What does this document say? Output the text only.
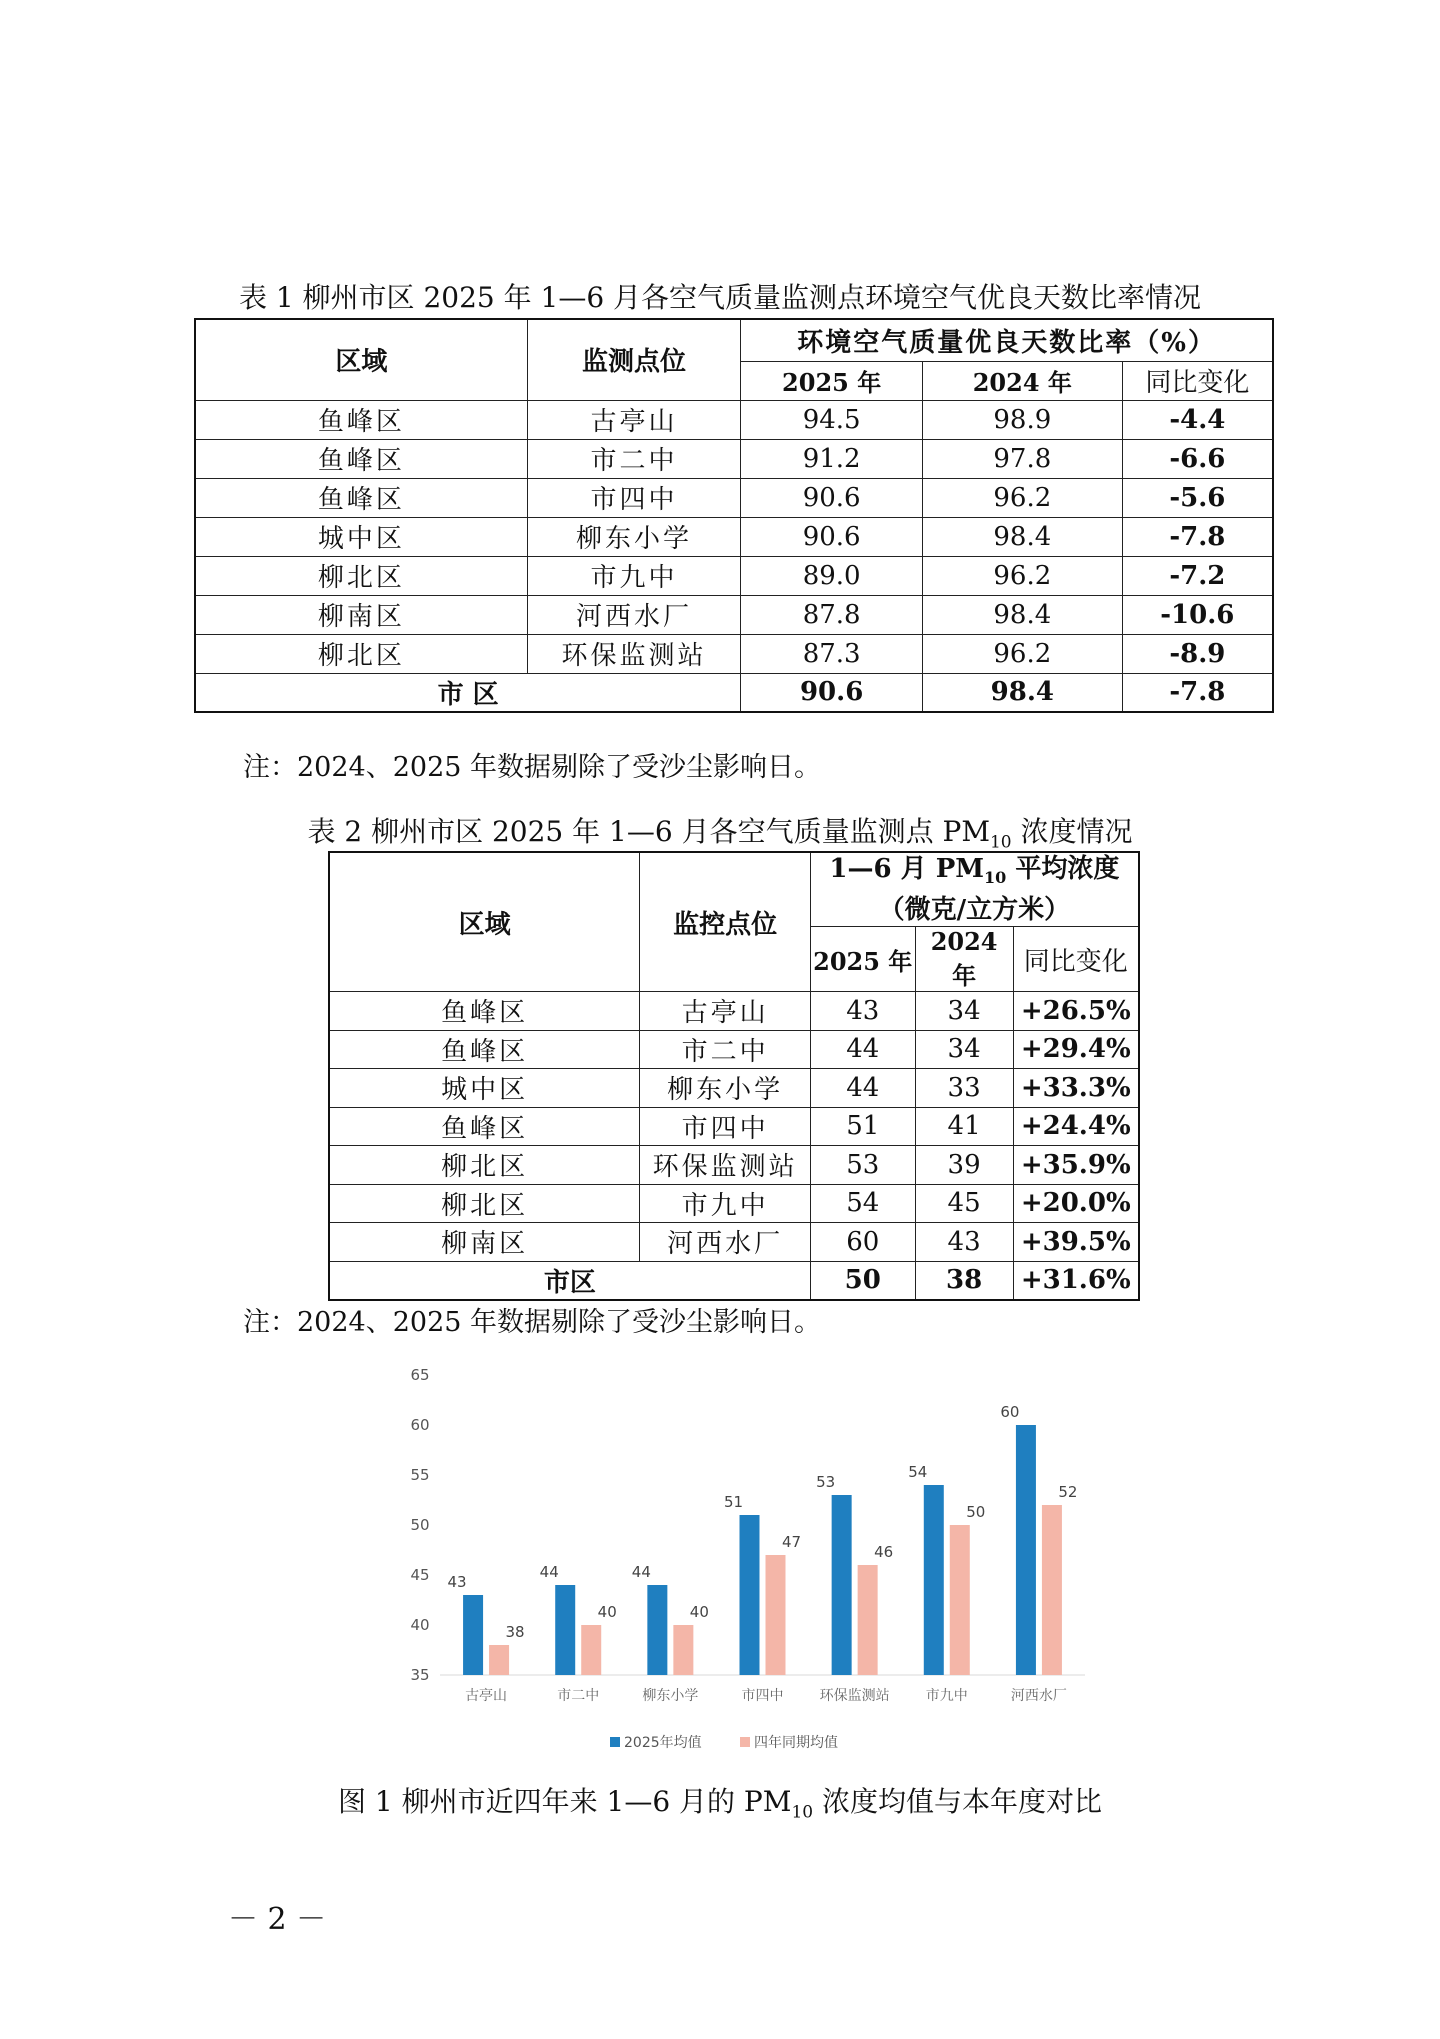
表 1 柳州市区 2025 年 1—6 月各空气质量监测点环境空气优良天数比率情况
区域	监测点位	环境空气质量优良天数比率（%）		
		2025 年	2024 年	同比变化
鱼峰区	古亭山	94.5	98.9	-4.4
鱼峰区	市二中	91.2	97.8	-6.6
鱼峰区	市四中	90.6	96.2	-5.6
城中区	柳东小学	90.6	98.4	-7.8
柳北区	市九中	89.0	96.2	-7.2
柳南区	河西水厂	87.8	98.4	-10.6
柳北区	环保监测站	87.3	96.2	-8.9
市 区		90.6	98.4	-7.8
注：2024、2025 年数据剔除了受沙尘影响日。
表 2 柳州市区 2025 年 1—6 月各空气质量监测点 $PM_{10}$ 浓度情况
区域	监控点位	1—6 月 $PM_{10}$ 平均浓度
（微克/立方米）		
		2025 年	2024 年	同比变化
鱼峰区	古亭山	43	34	+26.5%
鱼峰区	市二中	44	34	+29.4%
城中区	柳东小学	44	33	+33.3%
鱼峰区	市四中	51	41	+24.4%
柳北区	环保监测站	53	39	+35.9%
柳北区	市九中	54	45	+20.0%
柳南区	河西水厂	60	43	+39.5%
市区		50	38	+31.6%
注：2024、2025 年数据剔除了受沙尘影响日。
35
40
45
50
55
60
65
43
38
古亭山
44
40
市二中
44
40
柳东小学
51
47
市四中
53
46
环保监测站
54
50
市九中
60
52
河西水厂
2025年均值	四年同期均值
图 1 柳州市近四年来 1—6 月的 $PM_{10}$ 浓度均值与本年度对比
－ 2 －
